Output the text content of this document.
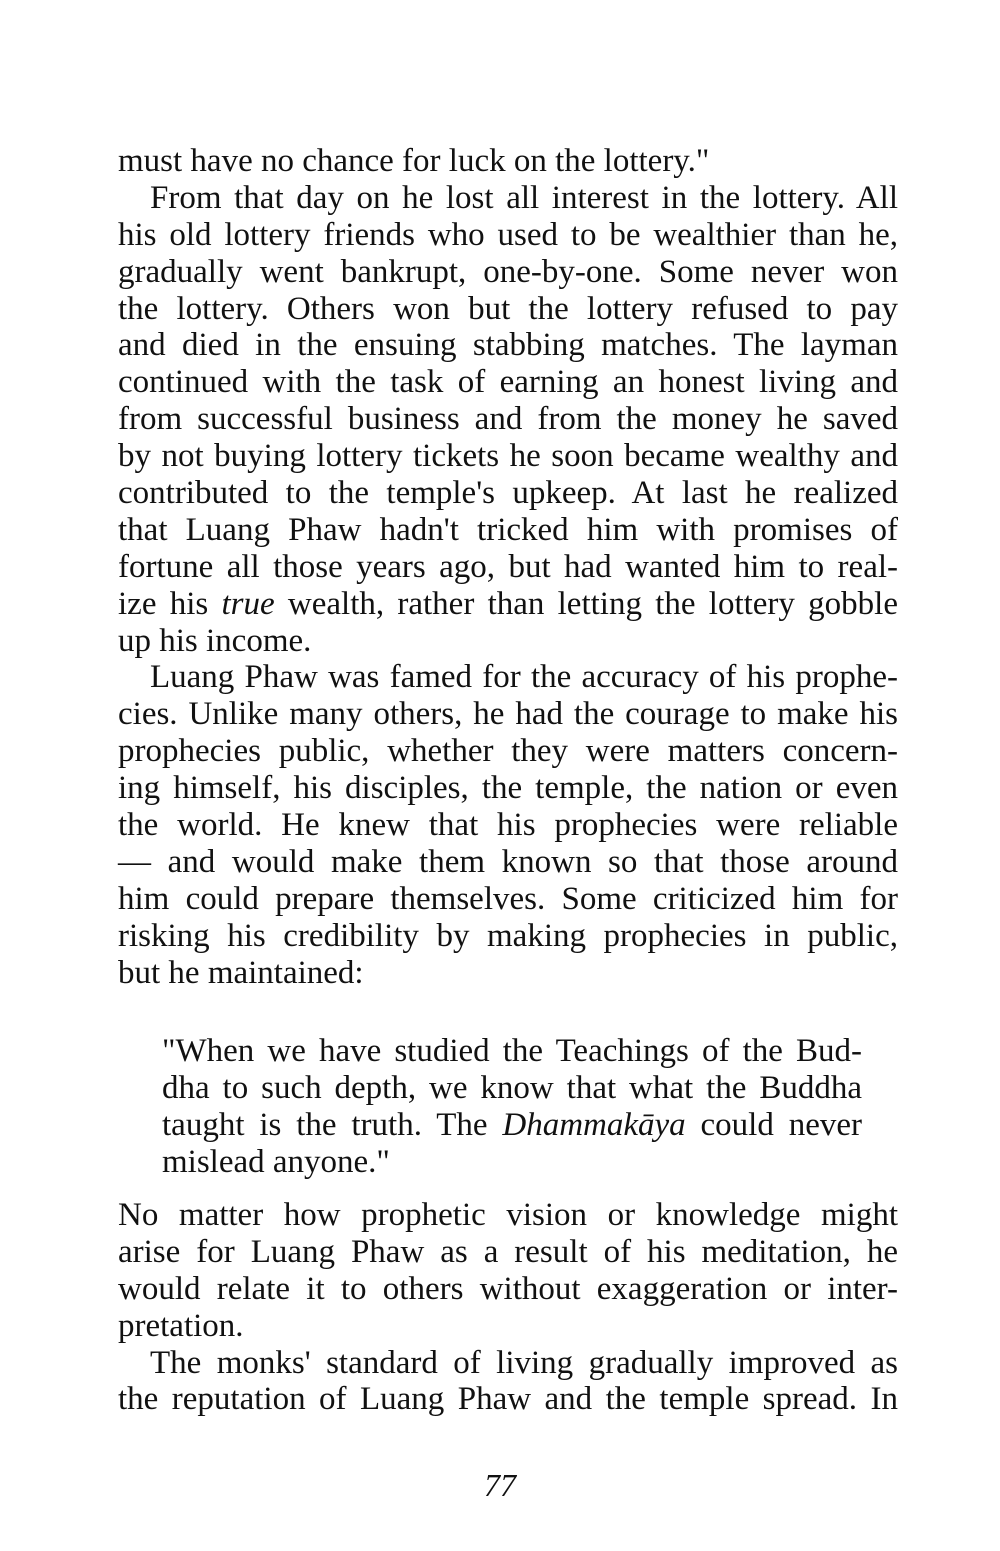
must have no chance for luck on the lottery."
From that day on he lost all interest in the lottery. All
his old lottery friends who used to be wealthier than he,
gradually went bankrupt, one-by-one. Some never won
the lottery. Others won but the lottery refused to pay
and died in the ensuing stabbing matches. The layman
continued with the task of earning an honest living and
from successful business and from the money he saved
by not buying lottery tickets he soon became wealthy and
contributed to the temple's upkeep. At last he realized
that Luang Phaw hadn't tricked him with promises of
fortune all those years ago, but had wanted him to real-
ize his true wealth, rather than letting the lottery gobble
up his income.
Luang Phaw was famed for the accuracy of his prophe-
cies. Unlike many others, he had the courage to make his
prophecies public, whether they were matters concern-
ing himself, his disciples, the temple, the nation or even
the world. He knew that his prophecies were reliable
— and would make them known so that those around
him could prepare themselves. Some criticized him for
risking his credibility by making prophecies in public,
but he maintained:
"When we have studied the Teachings of the Bud-
dha to such depth, we know that what the Buddha
taught is the truth. The Dhammakāya could never
mislead anyone."
No matter how prophetic vision or knowledge might
arise for Luang Phaw as a result of his meditation, he
would relate it to others without exaggeration or inter-
pretation.
The monks' standard of living gradually improved as
the reputation of Luang Phaw and the temple spread. In
77
